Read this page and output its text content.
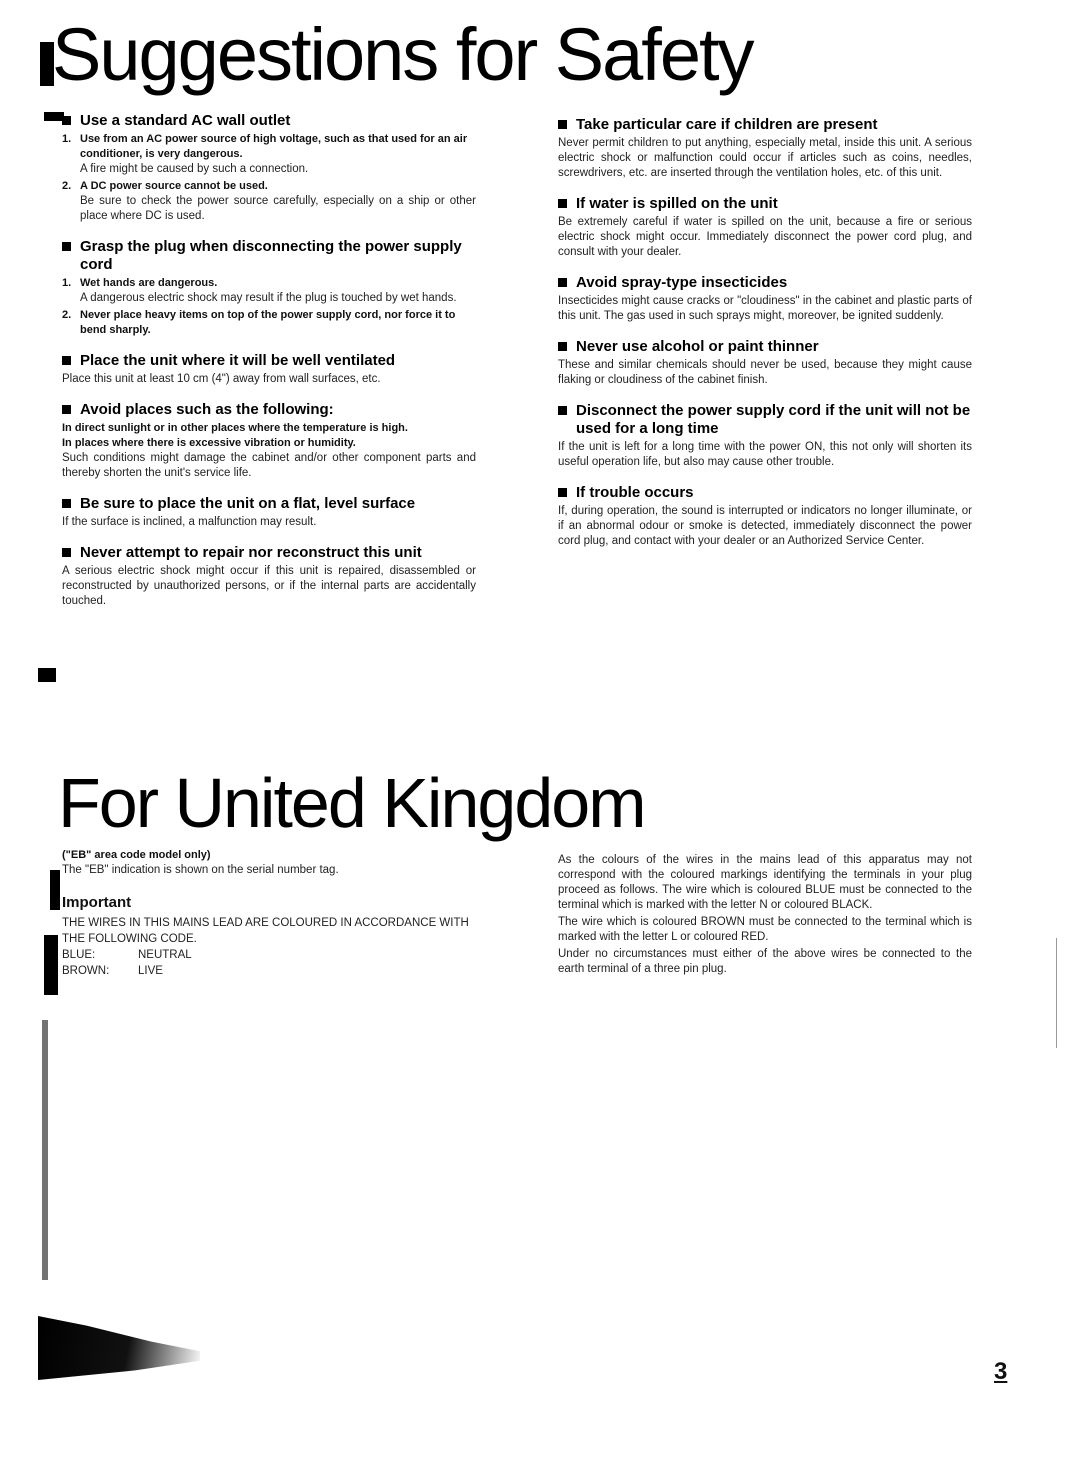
Suggestions for Safety
Use a standard AC wall outlet
1. Use from an AC power source of high voltage, such as that used for an air conditioner, is very dangerous.
A fire might be caused by such a connection.
2. A DC power source cannot be used.
Be sure to check the power source carefully, especially on a ship or other place where DC is used.
Grasp the plug when disconnecting the power supply cord
1. Wet hands are dangerous.
A dangerous electric shock may result if the plug is touched by wet hands.
2. Never place heavy items on top of the power supply cord, nor force it to bend sharply.
Place the unit where it will be well ventilated
Place this unit at least 10 cm (4") away from wall surfaces, etc.
Avoid places such as the following:

In direct sunlight or in other places where the temperature is high.

In places where there is excessive vibration or humidity.

Such conditions might damage the cabinet and/or other component parts and thereby shorten the unit's service life.
Be sure to place the unit on a flat, level surface
If the surface is inclined, a malfunction may result.
Never attempt to repair nor reconstruct this unit
A serious electric shock might occur if this unit is repaired, disassembled or reconstructed by unauthorized persons, or if the internal parts are accidentally touched.
Take particular care if children are present
Never permit children to put anything, especially metal, inside this unit. A serious electric shock or malfunction could occur if articles such as coins, needles, screwdrivers, etc. are inserted through the ventilation holes, etc. of this unit.
If water is spilled on the unit
Be extremely careful if water is spilled on the unit, because a fire or serious electric shock might occur. Immediately disconnect the power cord plug, and consult with your dealer.
Avoid spray-type insecticides
Insecticides might cause cracks or "cloudiness" in the cabinet and plastic parts of this unit. The gas used in such sprays might, moreover, be ignited suddenly.
Never use alcohol or paint thinner
These and similar chemicals should never be used, because they might cause flaking or cloudiness of the cabinet finish.
Disconnect the power supply cord if the unit will not be used for a long time
If the unit is left for a long time with the power ON, this not only will shorten its useful operation life, but also may cause other trouble.
If trouble occurs
If, during operation, the sound is interrupted or indicators no longer illuminate, or if an abnormal odour or smoke is detected, immediately disconnect the power cord plug, and contact with your dealer or an Authorized Service Center.
For United Kingdom

("EB" area code model only)

The "EB" indication is shown on the serial number tag.

Important

THE WIRES IN THIS MAINS LEAD ARE COLOURED IN ACCORDANCE WITH THE FOLLOWING CODE.

BLUE:	NEUTRAL
BROWN:	LIVE

As the colours of the wires in the mains lead of this apparatus may not correspond with the coloured markings identifying the terminals in your plug proceed as follows. The wire which is coloured BLUE must be connected to the terminal which is marked with the letter N or coloured BLACK.

The wire which is coloured BROWN must be connected to the terminal which is marked with the letter L or coloured RED.

Under no circumstances must either of the above wires be connected to the earth terminal of a three pin plug.

3
